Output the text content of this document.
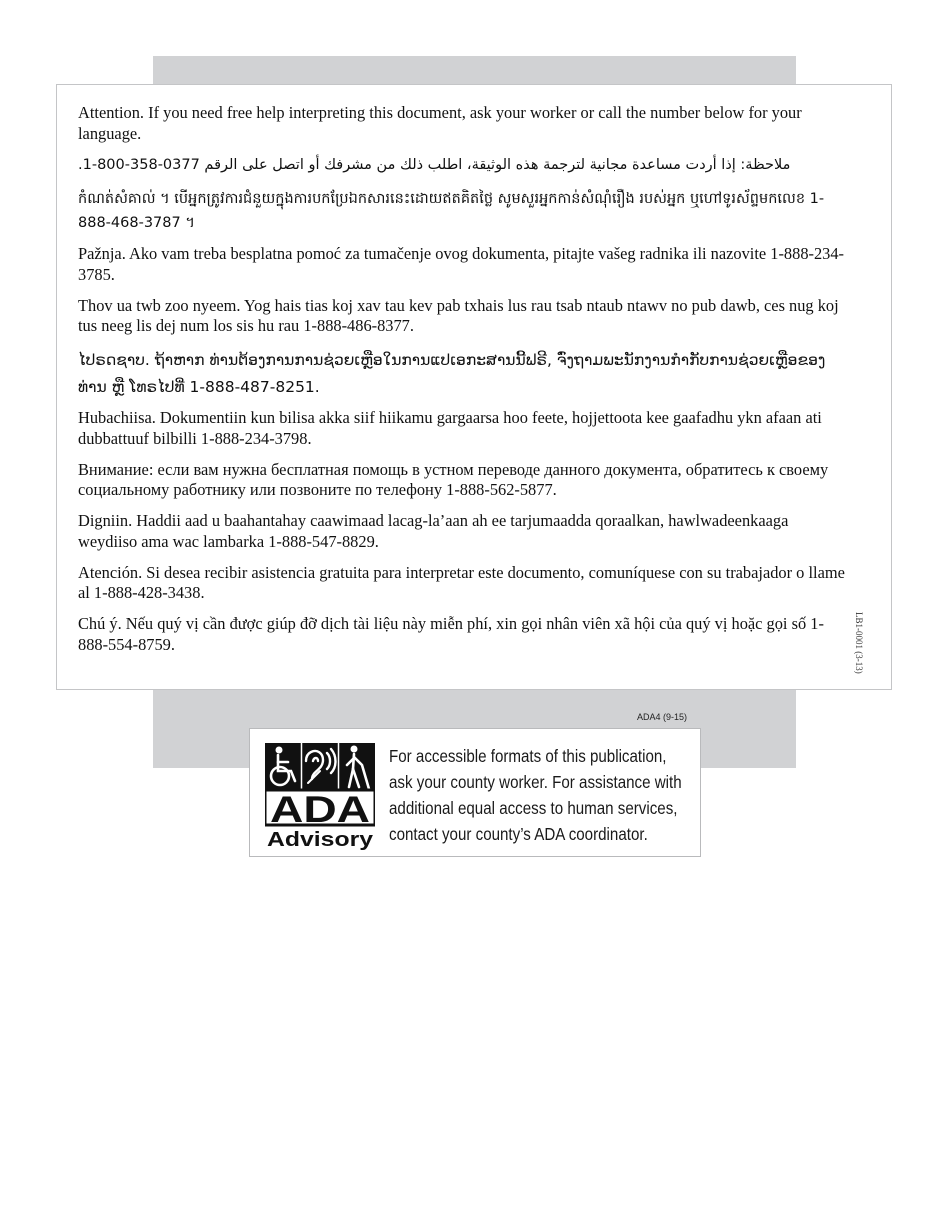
Attention. If you need free help interpreting this document, ask your worker or call the number below for your language.

ملاحظة: إذا أردت مساعدة مجانية لترجمة هذه الوثيقة، اطلب ذلك من مشرفك أو اتصل على الرقم 0377-358-800-1.

កំណត់សំគាល់ ។ បើអ្នកត្រូវការជំនួយក្នុងការបកប្រែឯកសារនេះដោយឥតគិតថ្លៃ សូមសួរអ្នកកាន់សំណុំរឿង របស់អ្នក ឬហៅទូរស័ព្ទមកលេខ 1-888-468-3787 ។

Pažnja. Ako vam treba besplatna pomoć za tumačenje ovog dokumenta, pitajte vašeg radnika ili nazovite 1-888-234-3785.

Thov ua twb zoo nyeem. Yog hais tias koj xav tau kev pab txhais lus rau tsab ntaub ntawv no pub dawb, ces nug koj tus neeg lis dej num los sis hu rau 1-888-486-8377.

ໄປຣດຊາບ. ຖ້າຫາກ ທ່ານຕ້ອງການການຊ່ວຍເຫຼືອໃນການແປເອກະສານນີ້ຟຣີ, ຈົ່ງຖາມພະນັກງານກໍາກັບການຊ່ວຍເຫຼືອຂອງທ່ານ ຫຼື ໂທຣໄປທີ່ 1-888-487-8251.

Hubachiisa. Dokumentiin kun bilisa akka siif hiikamu gargaarsa hoo feete, hojjettoota kee gaafadhu ykn afaan ati dubbattuuf bilbilli 1-888-234-3798.

Внимание: если вам нужна бесплатная помощь в устном переводе данного документа, обратитесь к своему социальному работнику или позвоните по телефону 1-888-562-5877.

Digniin. Haddii aad u baahantahay caawimaad lacag-la’aan ah ee tarjumaadda qoraalkan, hawlwadeenkaaga weydiiso ama wac lambarka 1-888-547-8829.

Atención. Si desea recibir asistencia gratuita para interpretar este documento, comuníquese con su trabajador o llame al 1-888-428-3438.

Chú ý. Nếu quý vị cần được giúp đỡ dịch tài liệu này miễn phí, xin gọi nhân viên xã hội của quý vị hoặc gọi số 1-888-554-8759.	LB1-0001 (3-13)
ADA4 (9-15)
ADA
Advisory
For accessible formats of this publication,
ask your county worker. For assistance with
additional equal access to human services,
contact your county’s ADA coordinator.
